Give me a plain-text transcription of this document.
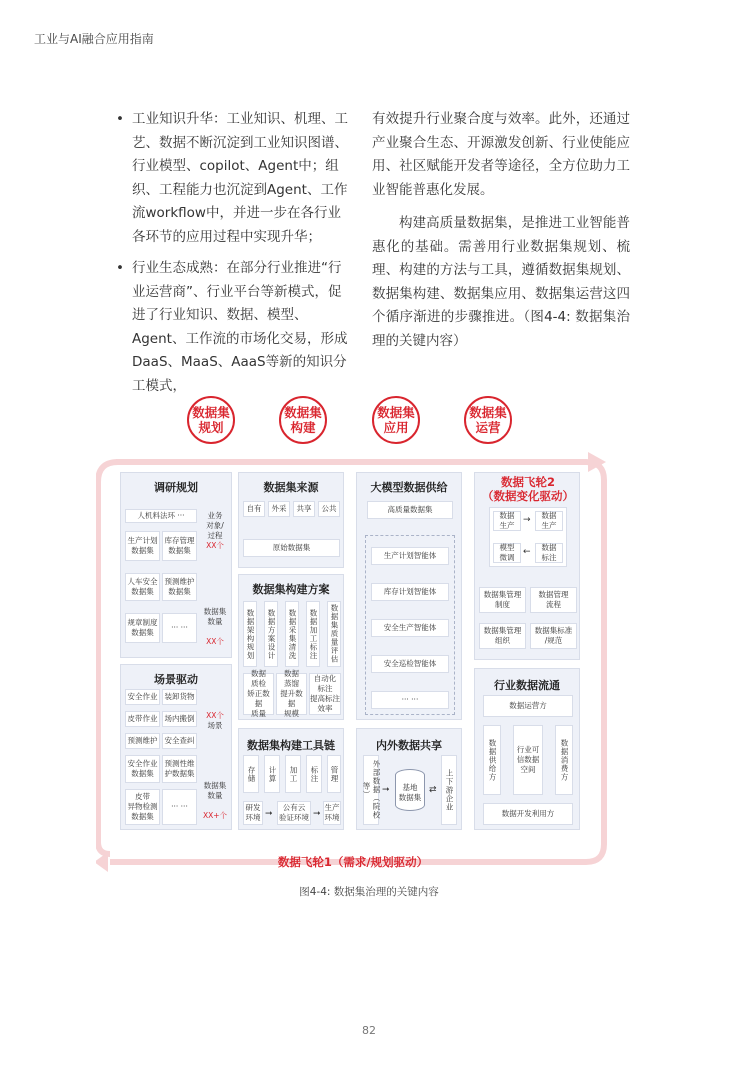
工业与AI融合应用指南
• 工业知识升华：工业知识、机理、工艺、数据不断沉淀到工业知识图谱、行业模型、copilot、Agent中；组织、工程能力也沉淀到Agent、工作流workflow中，并进一步在各行业各环节的应用过程中实现升华；
• 行业生态成熟：在部分行业推进“行业运营商”、行业平台等新模式，促进了行业知识、数据、模型、Agent、工作流的市场化交易，形成DaaS、MaaS、AaaS等新的知识分工模式，
有效提升行业聚合度与效率。此外，还通过产业聚合生态、开源激发创新、行业使能应用、社区赋能开发者等途径，全方位助力工业智能普惠化发展。
构建高质量数据集，是推进工业智能普惠化的基础。需善用行业数据集规划、梳理、构建的方法与工具，遵循数据集规划、数据集构建、数据集应用、数据集运营这四个循序渐进的步骤推进。（图4-4: 数据集治理的关键内容）
数据集
规划
数据集
构建
数据集
应用
数据集
运营
调研规划
人机料法环 ···
生产计划
数据集
库存管理
数据集
人车安全
数据集
预测维护
数据集
规章制度
数据集
··· ···
业务
对象/
过程
XX个
数据集
数量
XX个
场景驱动
安全作业 装卸货物
皮带作业 场内搬倒
预测维护 安全查纠
安全作业
数据集
预测性维
护数据集
皮带
异物检测
数据集
··· ···
XX个
场景
数据集
数量
XX+个
数据集来源
自有	外采	共享	公共
原始数据集
数据集构建方案
数据架构规划	数据方案设计	数据采集清洗	数据加工标注	数据集质量评估
数据
质检
矫正数据
质量
数据
蒸馏
提升数据
规模
自动化
标注
提高标注
效率
数据集构建工具链
存储	计算	加工	标注	管理
研发
环境 ➞
公有云
验证环境 ➞
生产
环境
大模型数据供给
高质量数据集
生产计划智能体
库存计划智能体
安全生产智能体
安全巡检智能体
··· ···
内外数据共享
外部数据（院校等）	➞	基地
数据集
⇄	上下游企业
数据飞轮2
（数据变化驱动）
数据
生产
→	数据
生产
模型
微调
←	数据
标注
数据集管理
制度
数据管理
流程
数据集管理
组织
数据集标准
/规范
行业数据流通
数据运营方
数据供给方	行业可信数据空间	数据消费方
数据开发利用方
数据飞轮1（需求/规划驱动）
图4-4: 数据集治理的关键内容
82
